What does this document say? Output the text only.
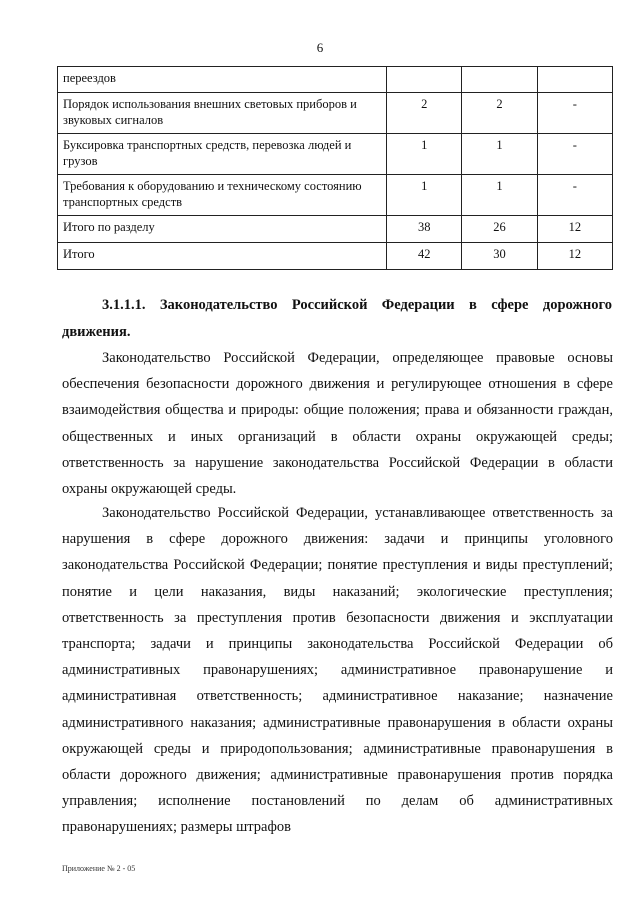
6
переездов			
Порядок использования внешних световых приборов и звуковых сигналов	2	2	-
Буксировка транспортных средств, перевозка людей и грузов	1	1	-
Требования к оборудованию и техническому состоянию транспортных средств	1	1	-
Итого по разделу	38	26	12
Итого	42	30	12

3.1.1.1. Законодательство Российской Федерации в сфере дорожного движения.

Законодательство Российской Федерации, определяющее правовые основы обеспечения безопасности дорожного движения и регулирующее отношения в сфере взаимодействия общества и природы: общие положения; права и обязанности граждан, общественных и иных организаций в области охраны окружающей среды; ответственность за нарушение законодательства Российской Федерации в области охраны окружающей среды.

Законодательство Российской Федерации, устанавливающее ответственность за нарушения в сфере дорожного движения: задачи и принципы уголовного законодательства Российской Федерации; понятие преступления и виды преступлений; понятие и цели наказания, виды наказаний; экологические преступления; ответственность за преступления против безопасности движения и эксплуатации транспорта; задачи и принципы законодательства Российской Федерации об административных правонарушениях; административное правонарушение и административная ответственность; административное наказание; назначение административного наказания; административные правонарушения в области охраны окружающей среды и природопользования; административные правонарушения в области дорожного движения; административные правонарушения против порядка управления; исполнение постановлений по делам об административных правонарушениях; размеры штрафов

Приложение № 2 - 05
